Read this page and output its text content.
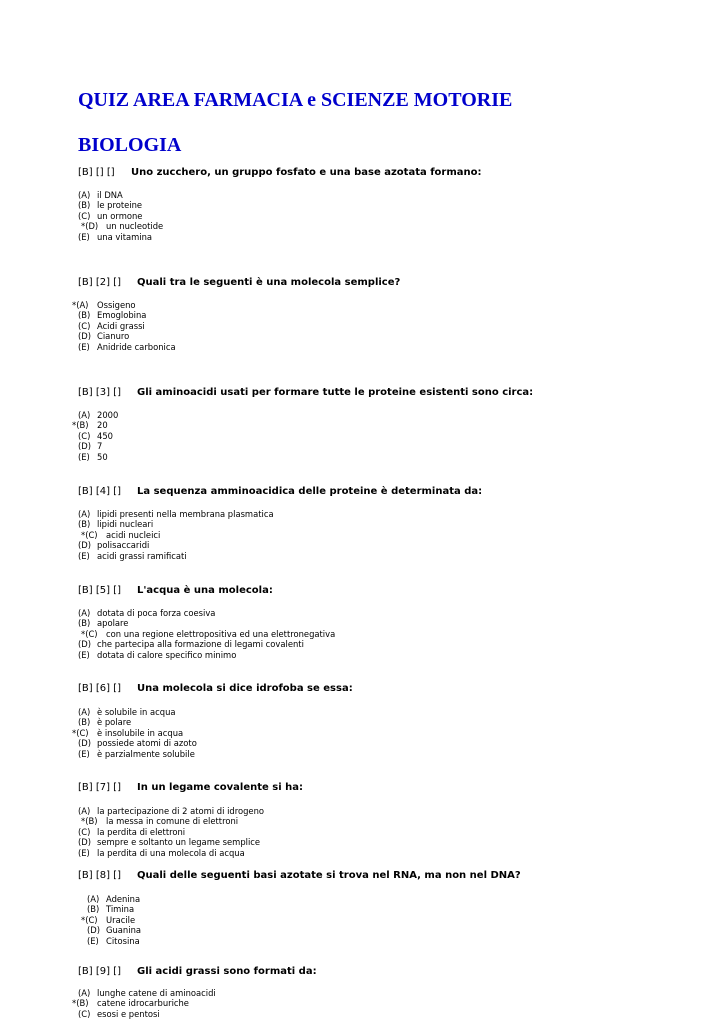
QUIZ AREA FARMACIA e SCIENZE MOTORIE
BIOLOGIA
[B] [] [] Uno zucchero, un gruppo fosfato e una base azotata formano:
(A) il DNA
(B) le proteine
(C) un ormone
*(D) un nucleotide
(E) una vitamina
[B] [2] [] Quali tra le seguenti è una molecola semplice?
*(A) Ossigeno
(B) Emoglobina
(C) Acidi grassi
(D) Cianuro
(E) Anidride carbonica
[B] [3] [] Gli aminoacidi usati per formare tutte le proteine esistenti sono circa:
(A) 2000
*(B) 20
(C) 450
(D) 7
(E) 50
[B] [4] [] La sequenza amminoacidica delle proteine è determinata da:
(A) lipidi presenti nella membrana plasmatica
(B) lipidi nucleari
*(C) acidi nucleici
(D) polisaccaridi
(E) acidi grassi ramificati
[B] [5] [] L'acqua è una molecola:
(A) dotata di poca forza coesiva
(B) apolare
*(C) con una regione elettropositiva ed una elettronegativa
(D) che partecipa alla formazione di legami covalenti
(E) dotata di calore specifico minimo
[B] [6] [] Una molecola si dice idrofoba se essa:
(A) è solubile in acqua
(B) è polare
*(C) è insolubile in acqua
(D) possiede atomi di azoto
(E) è parzialmente solubile
[B] [7] [] In un legame covalente si ha:
(A) la partecipazione di 2 atomi di idrogeno
*(B) la messa in comune di elettroni
(C) la perdita di elettroni
(D) sempre e soltanto un legame semplice
(E) la perdita di una molecola di acqua
[B] [8] [] Quali delle seguenti basi azotate si trova nel RNA, ma non nel DNA?
(A) Adenina
(B) Timina
*(C) Uracile
(D) Guanina
(E) Citosina
[B] [9] [] Gli acidi grassi sono formati da:
(A) lunghe catene di aminoacidi
*(B) catene idrocarburiche
(C) esosi e pentosi
